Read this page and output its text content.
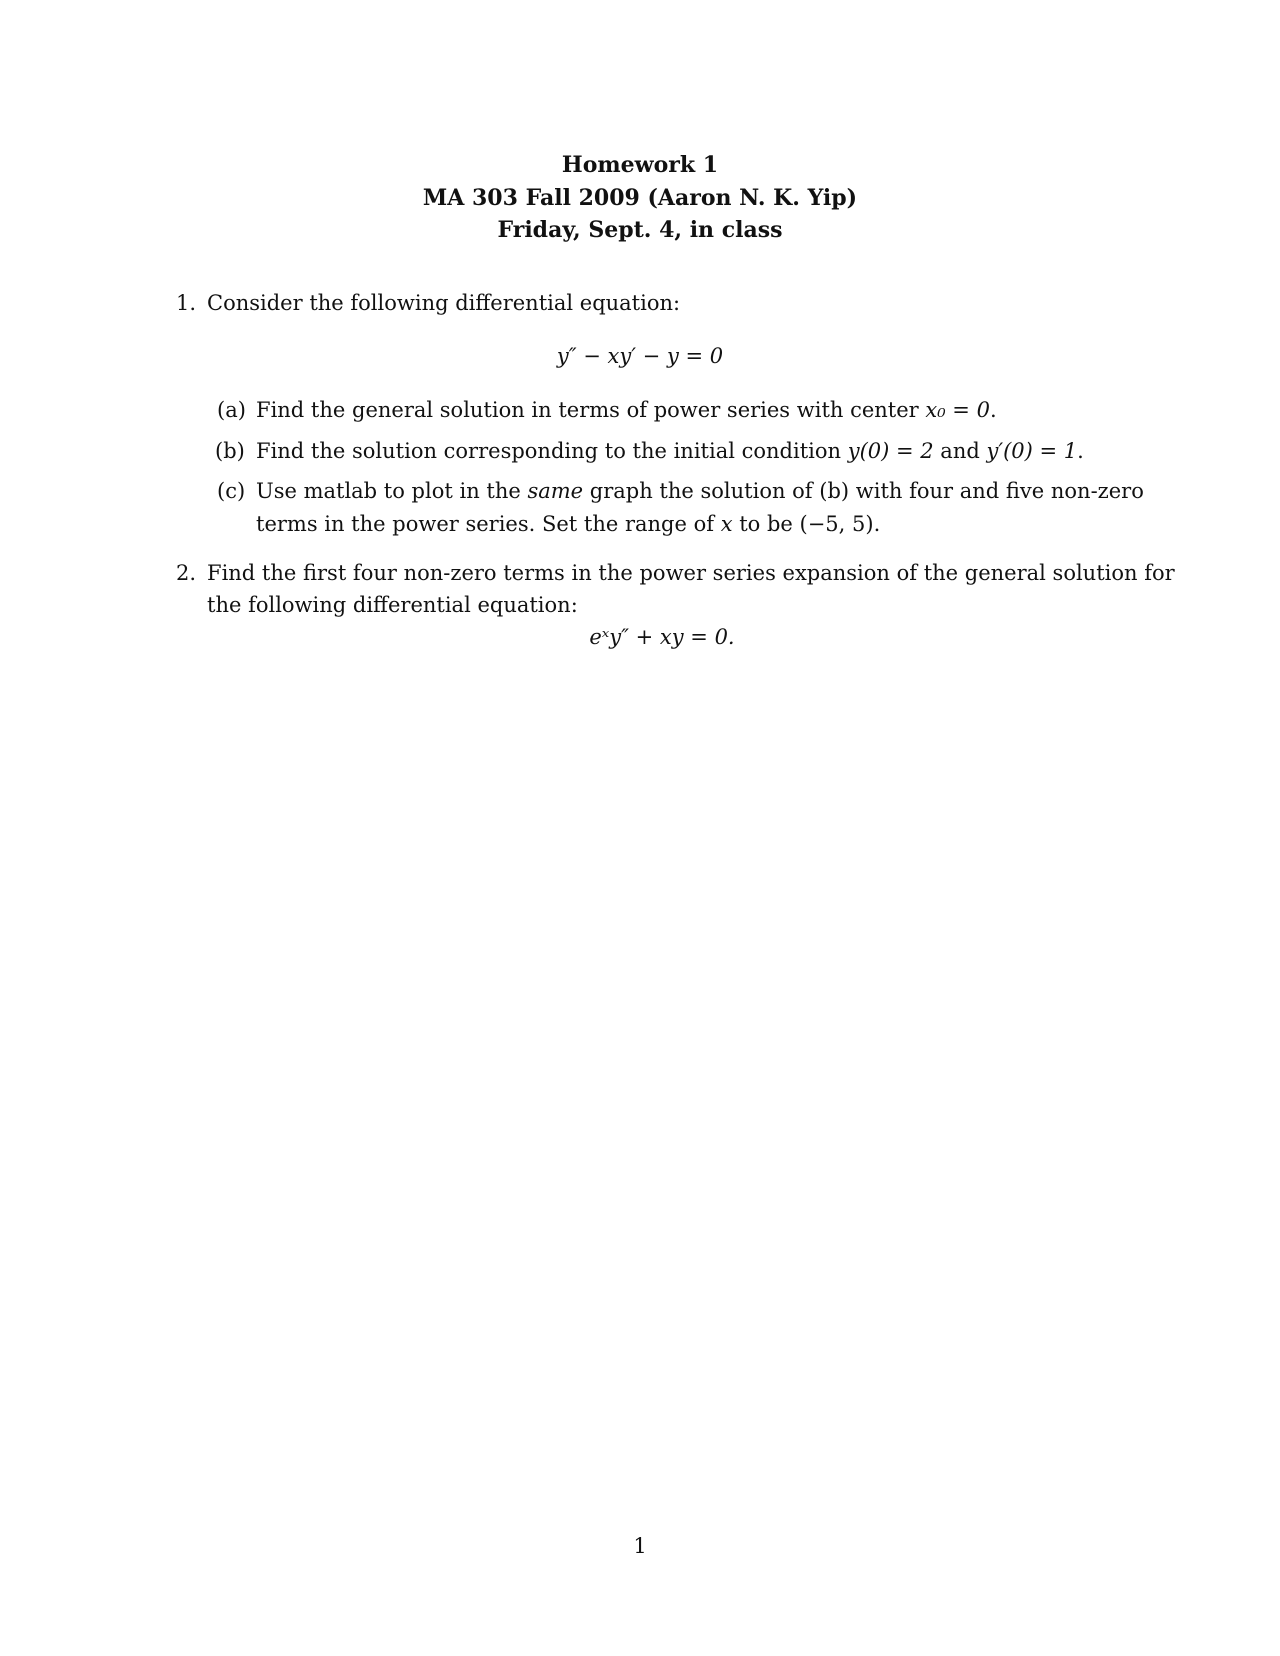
Homework 1
MA 303 Fall 2009 (Aaron N. K. Yip)
Friday, Sept. 4, in class
1. Consider the following differential equation:
y″ − xy′ − y = 0
(a) Find the general solution in terms of power series with center x₀ = 0.
(b) Find the solution corresponding to the initial condition y(0) = 2 and y′(0) = 1.
(c) Use matlab to plot in the same graph the solution of (b) with four and five non-zero
terms in the power series. Set the range of x to be (−5, 5).
2. Find the first four non-zero terms in the power series expansion of the general solution for
the following differential equation:
eˣy″ + xy = 0.
1
